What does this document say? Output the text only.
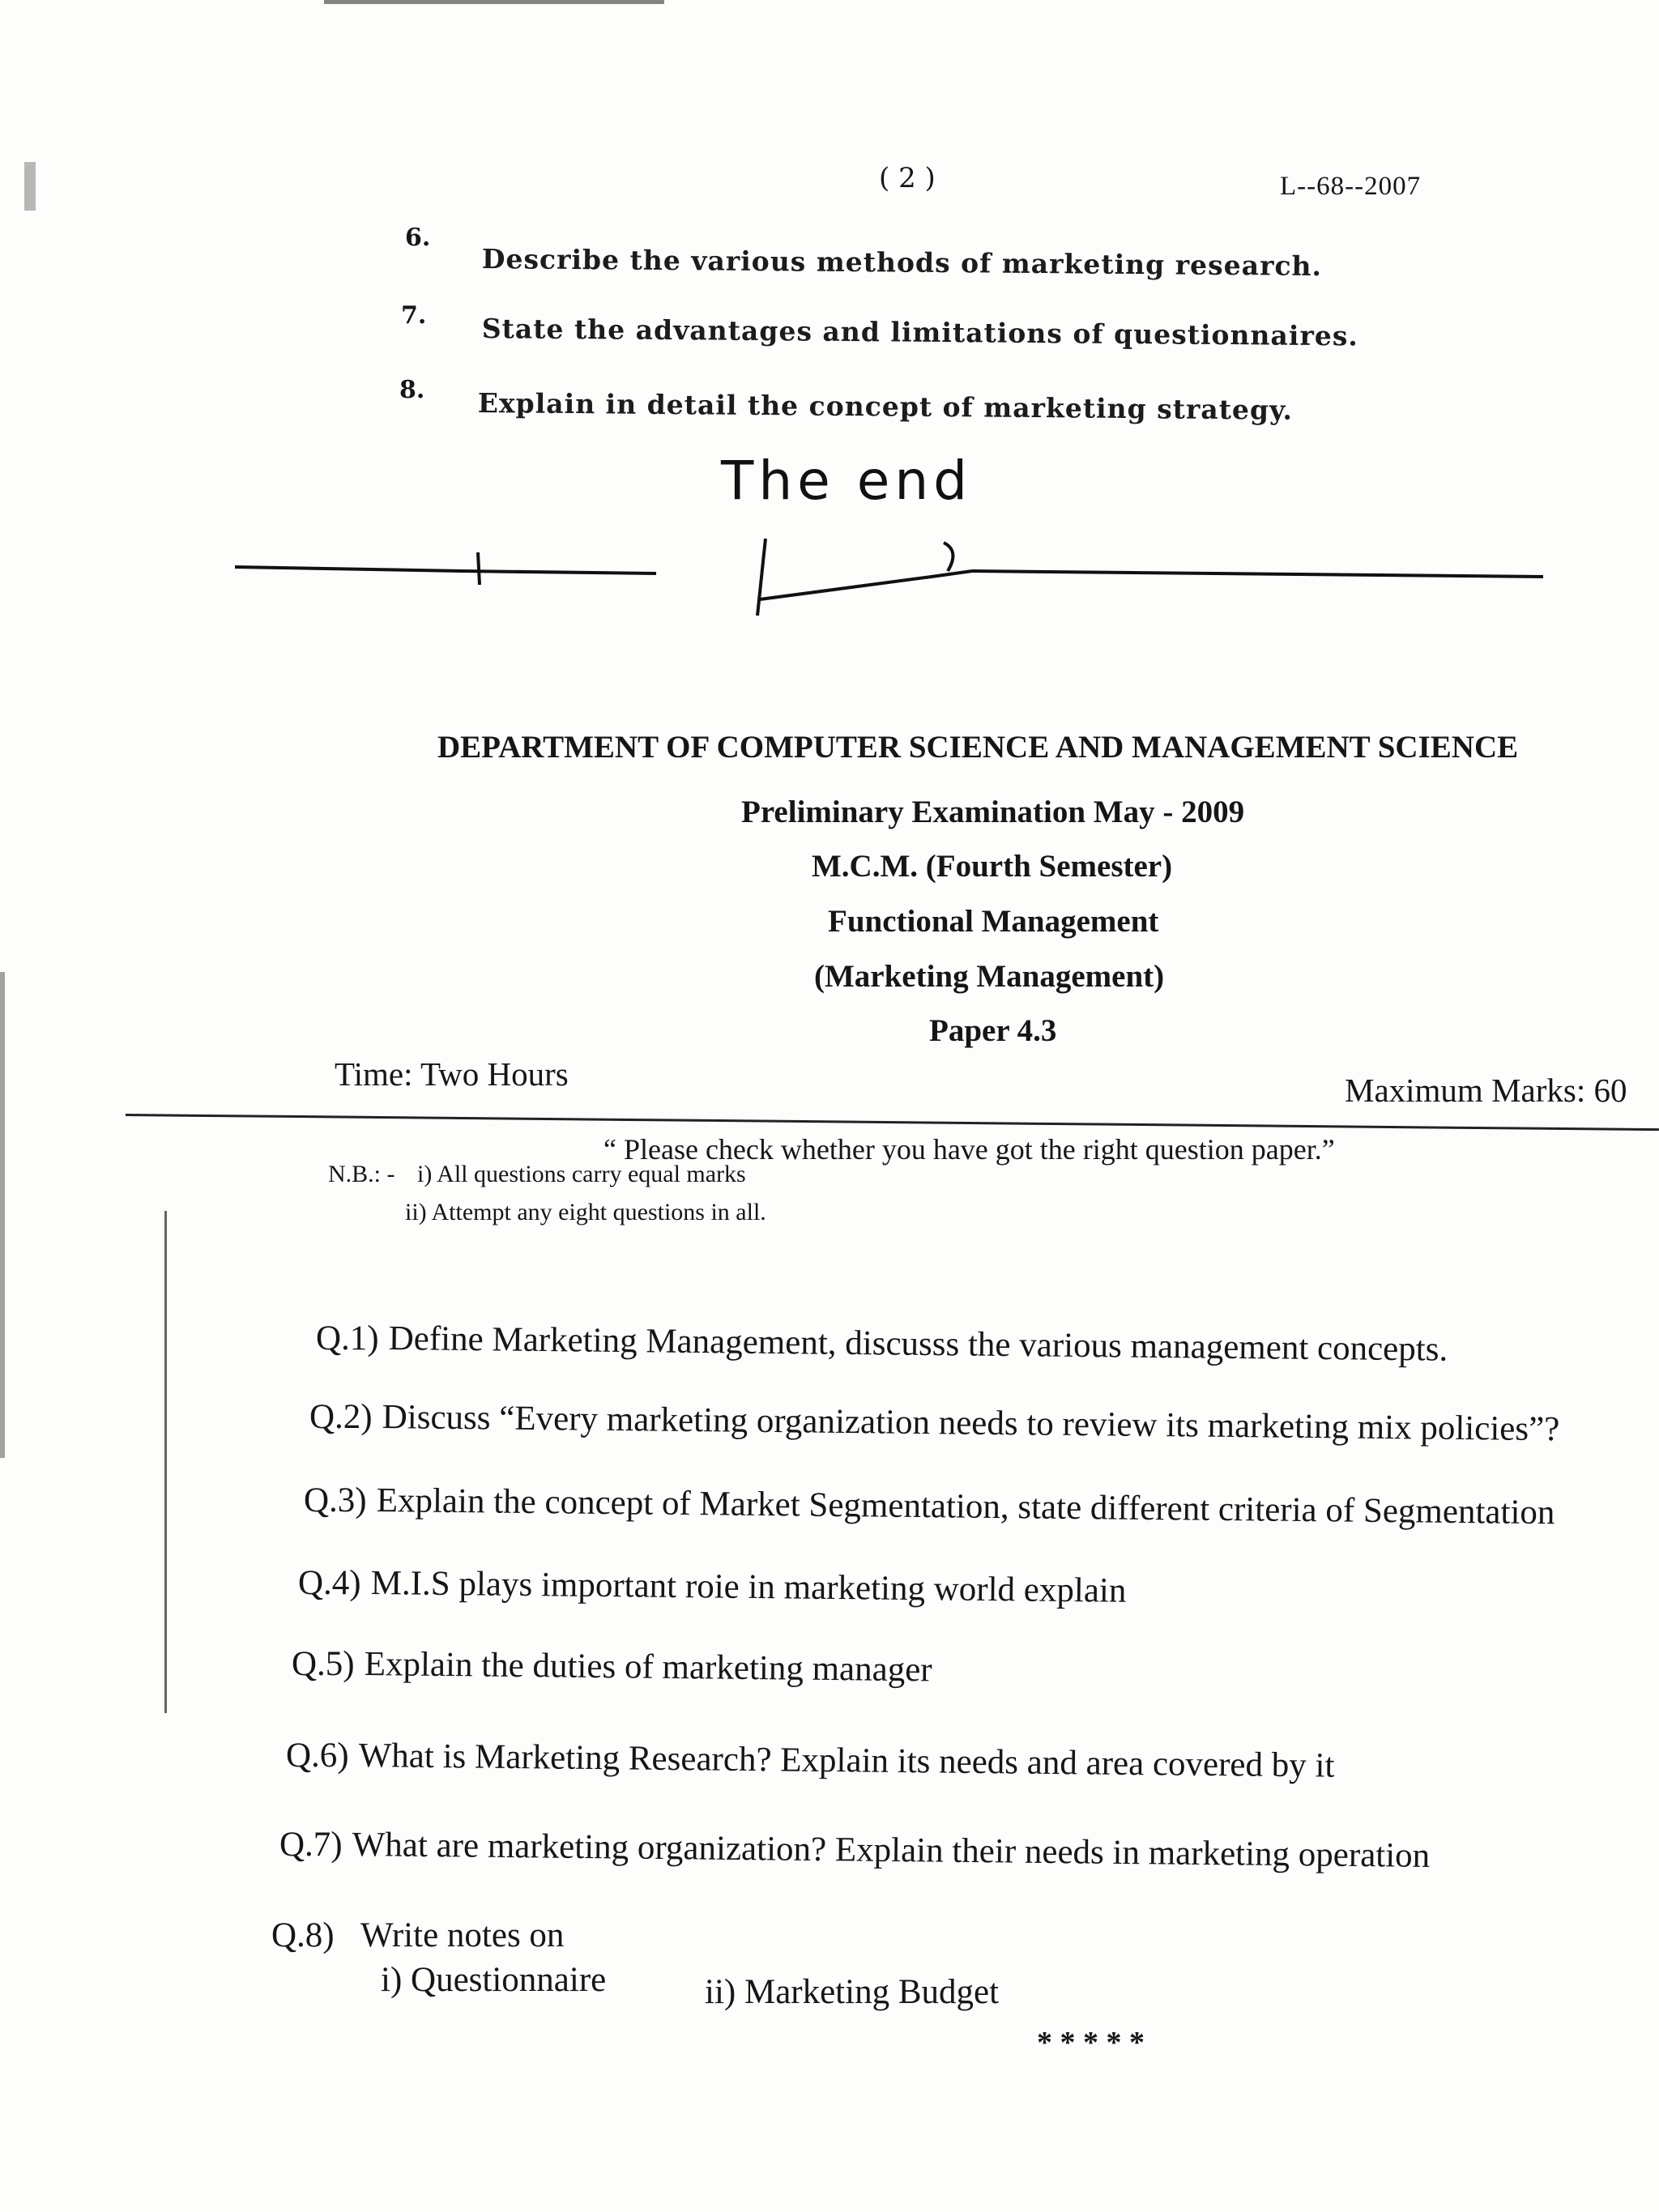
( 2 )	L--68--2007
6.
Describe the various methods of marketing research.
7. State the advantages and limitations of questionnaires.
8. Explain in detail the concept of marketing strategy.
The end
DEPARTMENT OF COMPUTER SCIENCE AND MANAGEMENT SCIENCE
Preliminary Examination May - 2009
M.C.M. (Fourth Semester)
Functional Management
(Marketing Management)
Paper 4.3
Time: Two Hours	Maximum Marks: 60
“ Please check whether you have got the right question paper.”
N.B.: - i) All questions carry equal marks
ii) Attempt any eight questions in all.
Q.1) Define Marketing Management, discusss the various management concepts.
Q.2) Discuss “Every marketing organization needs to review its marketing mix policies”?
Q.3) Explain the concept of Market Segmentation, state different criteria of Segmentation
Q.4) M.I.S plays important roie in marketing world explain
Q.5) Explain the duties of marketing manager
Q.6) What is Marketing Research? Explain its needs and area covered by it
Q.7) What are marketing organization? Explain their needs in marketing operation
Q.8) Write notes on
i) Questionnaire	ii) Marketing Budget
* * * * *
